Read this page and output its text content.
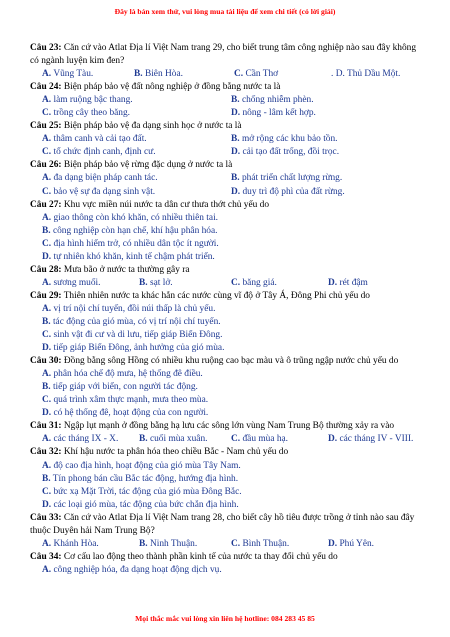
Đây là bản xem thử, vui lòng mua tài liệu để xem chi tiết (có lời giải)
Câu 23: Căn cứ vào Atlat Địa lí Việt Nam trang 29, cho biết trung tâm công nghiệp nào sau đây không có ngành luyện kim đen?
A. Vũng Tàu.	B. Biên Hòa.	C. Cần Thơ	. D. Thủ Dầu Một.
Câu 24: Biện pháp bảo vệ đất nông nghiệp ở đồng bằng nước ta là
A. làm ruộng bậc thang.	B. chống nhiễm phèn.
C. trồng cây theo băng.	D. nông - lâm kết hợp.
Câu 25: Biện pháp bảo vệ đa dạng sinh học ở nước ta là
A. thâm canh và cải tạo đất.	B. mở rộng các khu bảo tồn.
C. tổ chức định canh, định cư.	D. cải tạo đất trống, đồi trọc.
Câu 26: Biện pháp bảo vệ rừng đặc dụng ở nước ta là
A. đa dạng biện pháp canh tác.	B. phát triển chất lượng rừng.
C. bảo vệ sự đa dạng sinh vật.	D. duy trì độ phì của đất rừng.
Câu 27: Khu vực miền núi nước ta dân cư thưa thớt chủ yếu do
A. giao thông còn khó khăn, có nhiều thiên tai.
B. công nghiệp còn hạn chế, khí hậu phân hóa.
C. địa hình hiểm trở, có nhiều dân tộc ít người.
D. tự nhiên khó khăn, kinh tế chậm phát triển.
Câu 28: Mưa bão ở nước ta thường gây ra
A. sương muối.	B. sạt lở.	C. băng giá.	D. rét đậm
Câu 29: Thiên nhiên nước ta khác hẳn các nước cùng vĩ độ ở Tây Á, Đông Phi chủ yếu do
A. vị trí nội chí tuyến, đồi núi thấp là chủ yếu.
B. tác động của gió mùa, có vị trí nội chí tuyến.
C. sinh vật đi cư và di lưu, tiếp giáp Biển Đông.
D. tiếp giáp Biển Đông, ảnh hưởng của gió mùa.
Câu 30: Đồng bằng sông Hồng có nhiều khu ruộng cao bạc màu và ô trũng ngập nước chủ yếu do
A. phân hóa chế độ mưa, hệ thống đê điều.
B. tiếp giáp với biển, con người tác động.
C. quá trình xâm thực mạnh, mưa theo mùa.
D. có hệ thống đê, hoạt động của con người.
Câu 31: Ngập lụt mạnh ở đồng bằng hạ lưu các sông lớn vùng Nam Trung Bộ thường xảy ra vào
A. các tháng IX - X.	B. cuối mùa xuân.	C. đầu mùa hạ.	D. các tháng IV - VIII.
Câu 32: Khí hậu nước ta phân hóa theo chiều Bắc - Nam chủ yếu do
A. độ cao địa hình, hoạt động của gió mùa Tây Nam.
B. Tín phong bán cầu Bắc tác động, hướng địa hình.
C. bức xạ Mặt Trời, tác động của gió mùa Đông Bắc.
D. các loại gió mùa, tác động của bức chắn địa hình.
Câu 33: Căn cứ vào Atlat Địa lí Việt Nam trang 28, cho biết cây hồ tiêu được trồng ở tỉnh nào sau đây thuộc Duyên hải Nam Trung Bộ?
A. Khánh Hòa.	B. Ninh Thuận.	C. Bình Thuận.	D. Phú Yên.
Câu 34: Cơ cấu lao động theo thành phần kinh tế của nước ta thay đổi chủ yếu do
A. công nghiệp hóa, đa dạng hoạt động dịch vụ.
Mọi thắc mắc vui lòng xin liên hệ hotline: 084 283 45 85
